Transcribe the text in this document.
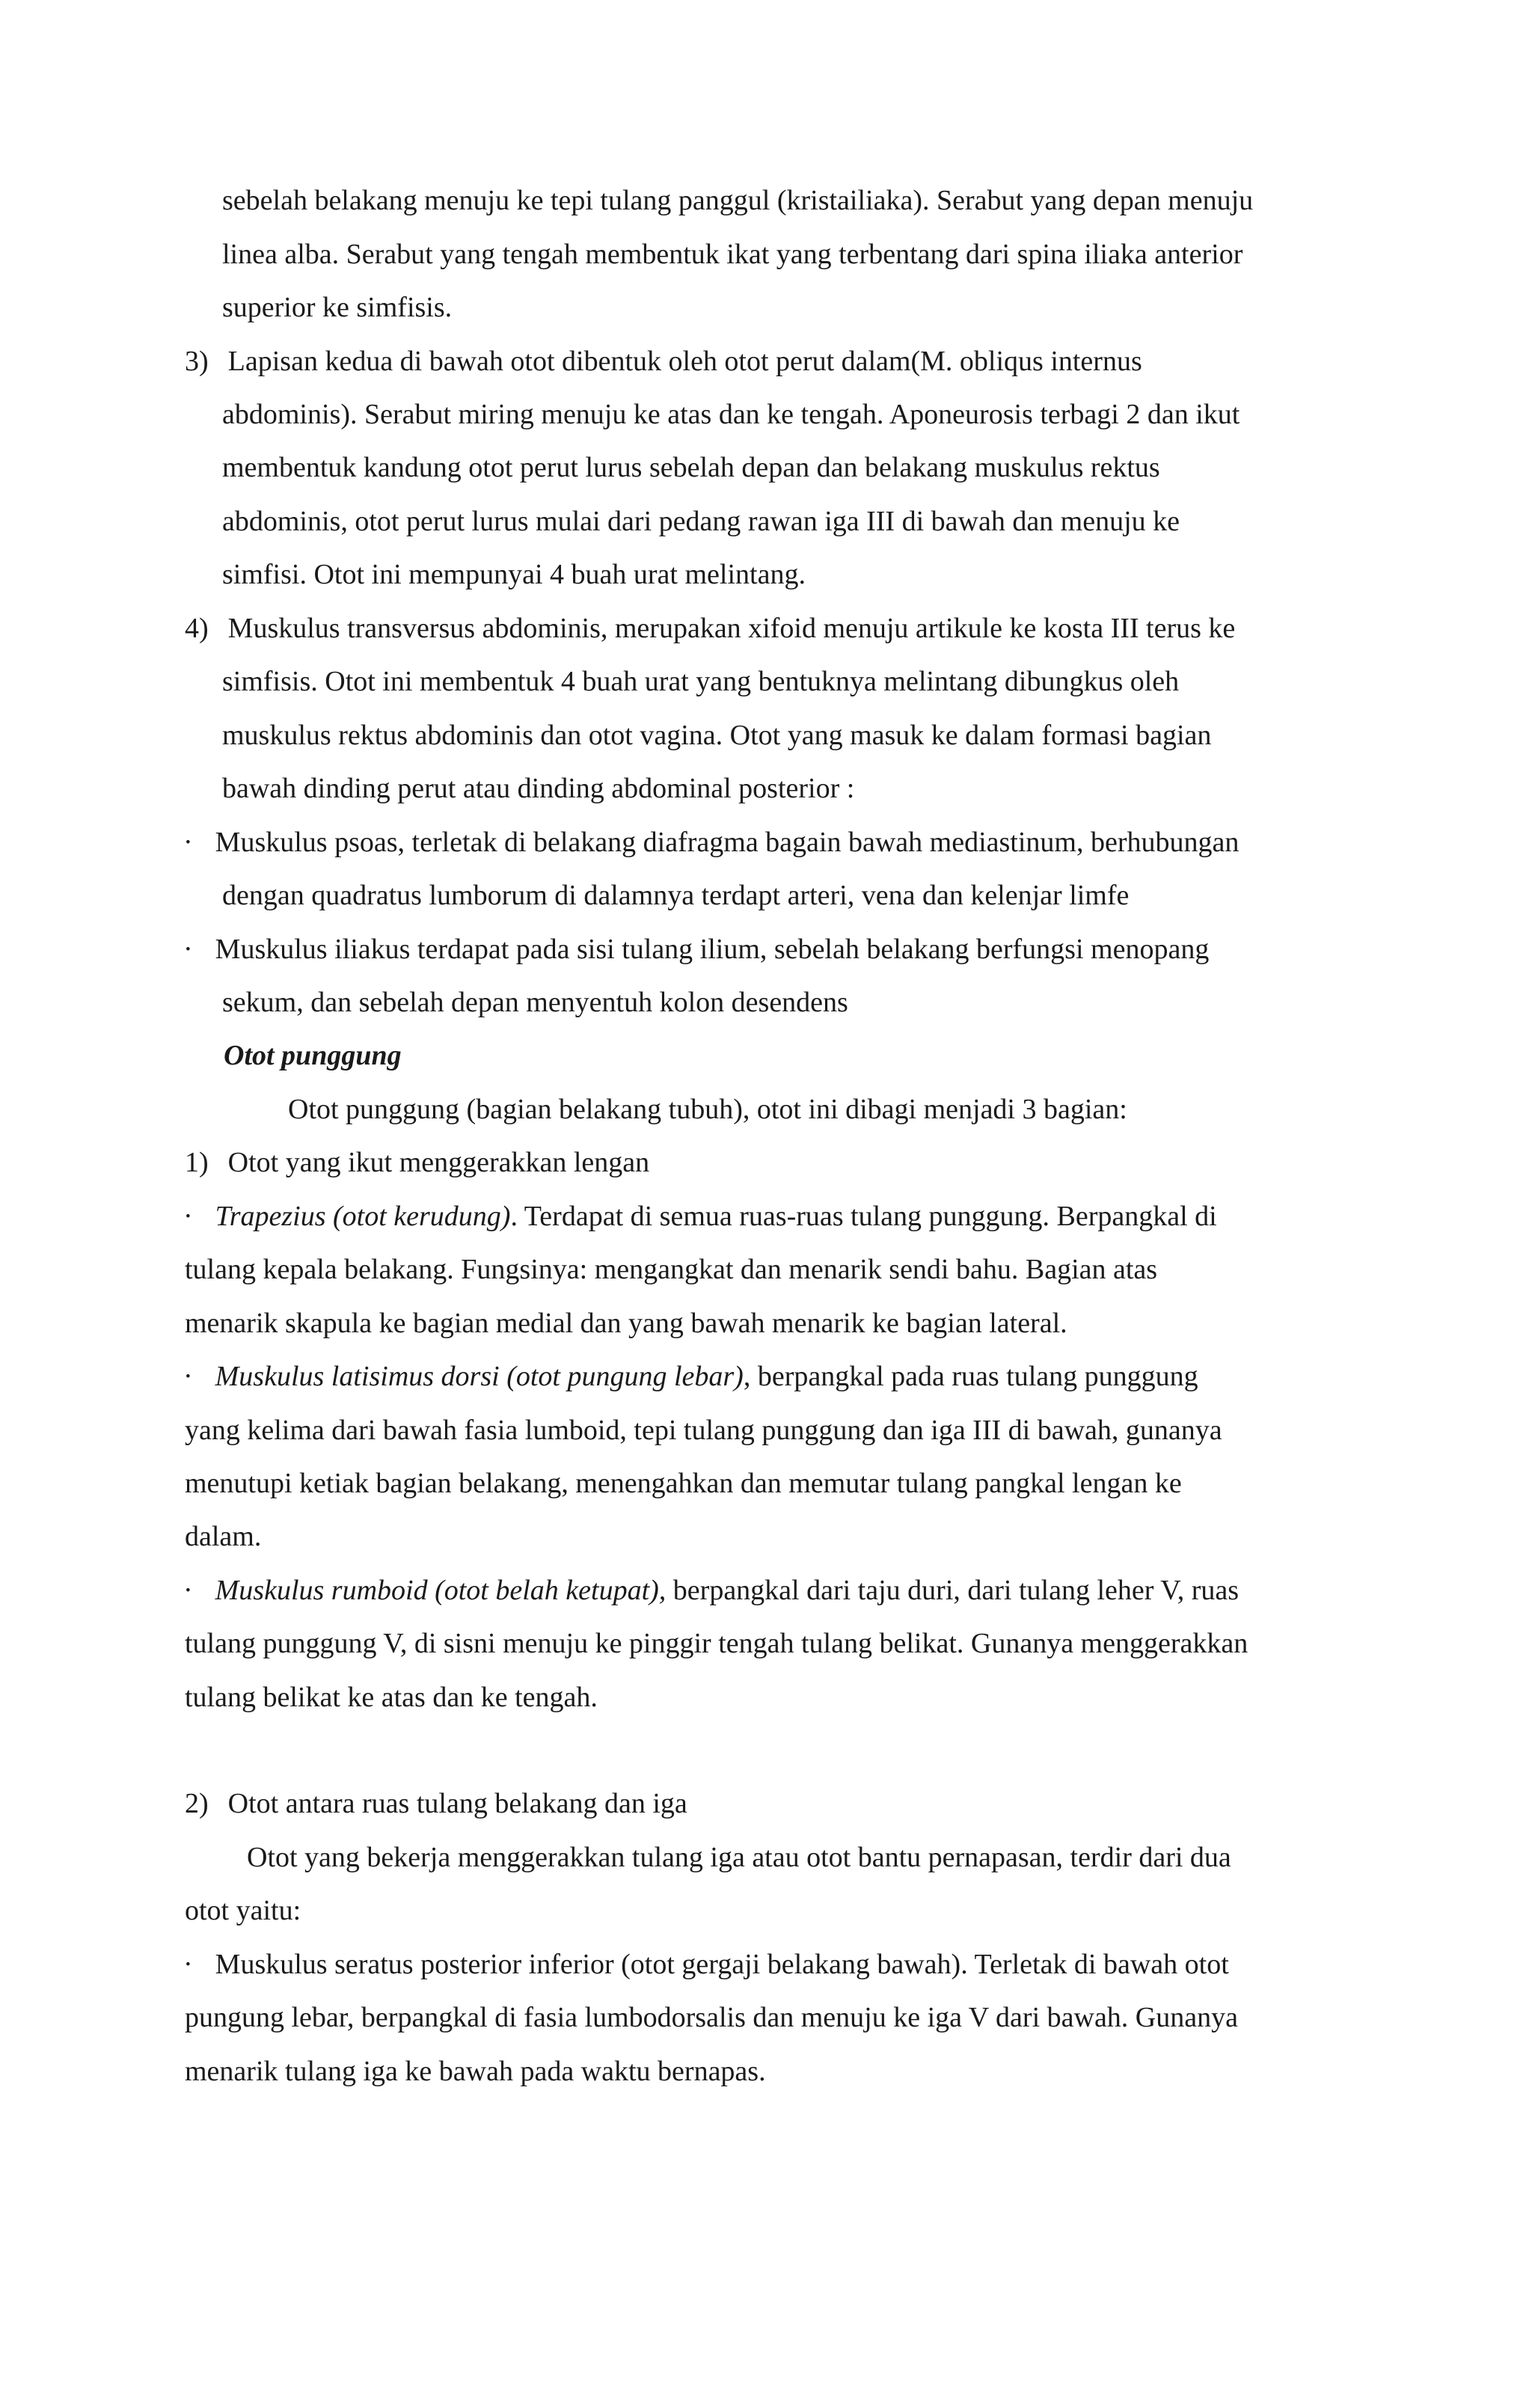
sebelah belakang menuju ke tepi tulang panggul (kristailiaka). Serabut yang depan menuju
linea alba. Serabut yang tengah membentuk ikat yang terbentang dari spina iliaka anterior
superior ke simfisis.
3) Lapisan kedua di bawah otot dibentuk oleh otot perut dalam(M. obliqus internus
abdominis). Serabut miring menuju ke atas dan ke tengah. Aponeurosis terbagi 2 dan ikut
membentuk kandung otot perut lurus sebelah depan dan belakang muskulus rektus
abdominis, otot perut lurus mulai dari pedang rawan iga III di bawah dan menuju ke
simfisi. Otot ini mempunyai 4 buah urat melintang.
4) Muskulus transversus abdominis, merupakan xifoid menuju artikule ke kosta III terus ke
simfisis. Otot ini membentuk 4 buah urat yang bentuknya melintang dibungkus oleh
muskulus rektus abdominis dan otot vagina. Otot yang masuk ke dalam formasi bagian
bawah dinding perut atau dinding abdominal posterior :
· Muskulus psoas, terletak di belakang diafragma bagain bawah mediastinum, berhubungan
dengan quadratus lumborum di dalamnya terdapt arteri, vena dan kelenjar limfe
· Muskulus iliakus terdapat pada sisi tulang ilium, sebelah belakang berfungsi menopang
sekum, dan sebelah depan menyentuh kolon desendens
Otot punggung
Otot punggung (bagian belakang tubuh), otot ini dibagi menjadi 3 bagian:
1) Otot yang ikut menggerakkan lengan
· Trapezius (otot kerudung). Terdapat di semua ruas-ruas tulang punggung. Berpangkal di
tulang kepala belakang. Fungsinya: mengangkat dan menarik sendi bahu. Bagian atas
menarik skapula ke bagian medial dan yang bawah menarik ke bagian lateral.
· Muskulus latisimus dorsi (otot pungung lebar), berpangkal pada ruas tulang punggung
yang kelima dari bawah fasia lumboid, tepi tulang punggung dan iga III di bawah, gunanya
menutupi ketiak bagian belakang, menengahkan dan memutar tulang pangkal lengan ke
dalam.
· Muskulus rumboid (otot belah ketupat), berpangkal dari taju duri, dari tulang leher V, ruas
tulang punggung V, di sisni menuju ke pinggir tengah tulang belikat. Gunanya menggerakkan
tulang belikat ke atas dan ke tengah.
2) Otot antara ruas tulang belakang dan iga
Otot yang bekerja menggerakkan tulang iga atau otot bantu pernapasan, terdir dari dua
otot yaitu:
· Muskulus seratus posterior inferior (otot gergaji belakang bawah). Terletak di bawah otot
pungung lebar, berpangkal di fasia lumbodorsalis dan menuju ke iga V dari bawah. Gunanya
menarik tulang iga ke bawah pada waktu bernapas.
